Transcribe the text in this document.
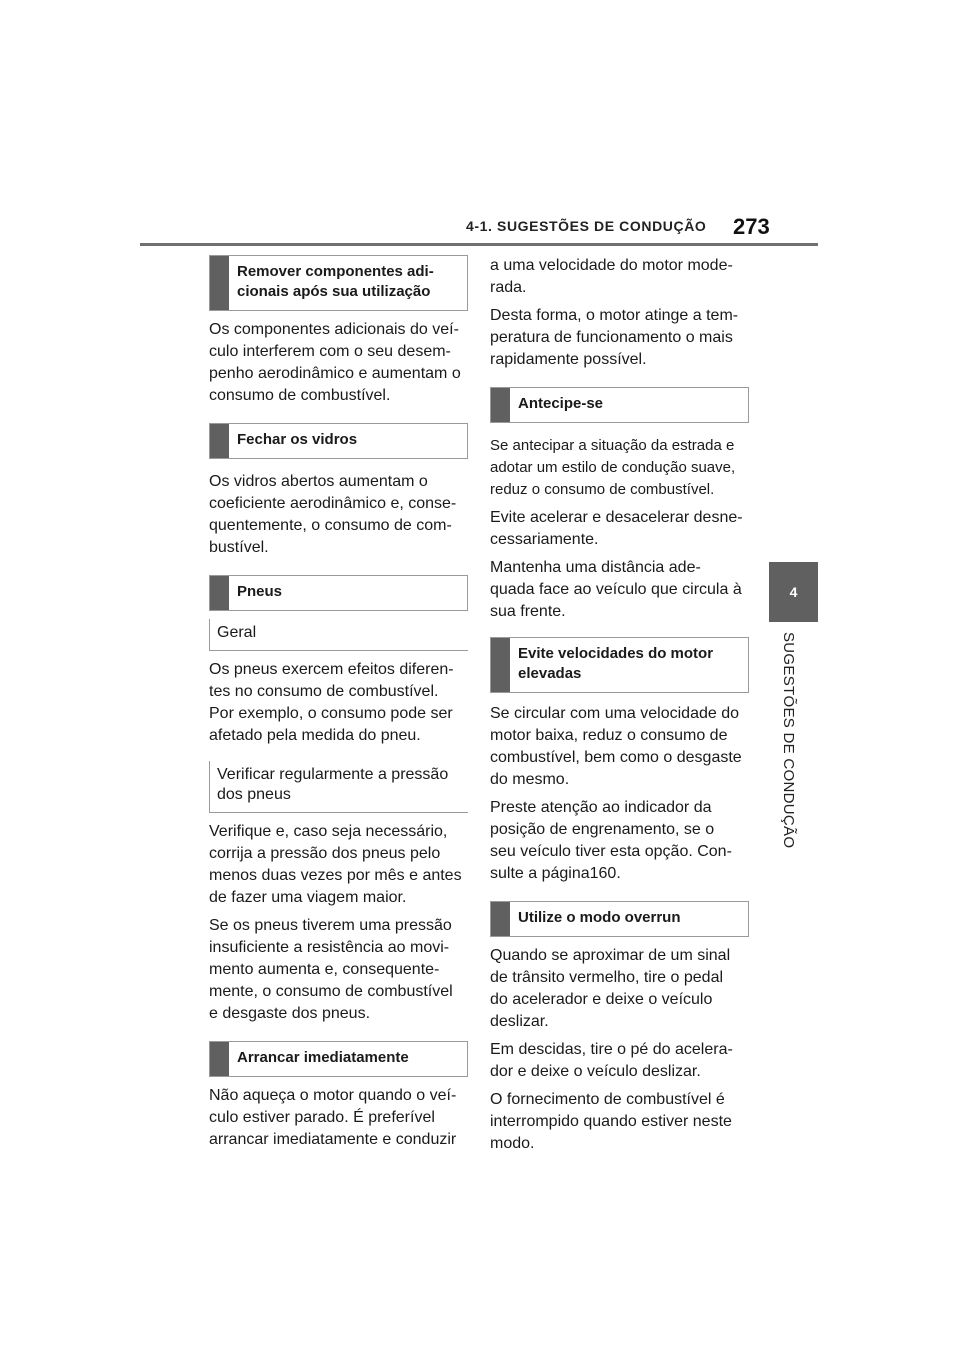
4-1. SUGESTÕES DE CONDUÇÃO 273
4
SUGESTÕES DE CONDUÇÃO
Remover componentes adi-
cionais após sua utilização

Os componentes adicionais do veí-
culo interferem com o seu desem-
penho aerodinâmico e aumentam o
consumo de combustível.

Fechar os vidros

Os vidros abertos aumentam o
coeficiente aerodinâmico e, conse-
quentemente, o consumo de com-
bustível.

Pneus
Geral

Os pneus exercem efeitos diferen-
tes no consumo de combustível.
Por exemplo, o consumo pode ser
afetado pela medida do pneu.

Verificar regularmente a pressão
dos pneus

Verifique e, caso seja necessário,
corrija a pressão dos pneus pelo
menos duas vezes por mês e antes
de fazer uma viagem maior.

Se os pneus tiverem uma pressão
insuficiente a resistência ao movi-
mento aumenta e, consequente-
mente, o consumo de combustível
e desgaste dos pneus.

Arrancar imediatamente

Não aqueça o motor quando o veí-
culo estiver parado. É preferível
arrancar imediatamente e conduzir

a uma velocidade do motor mode-
rada.

Desta forma, o motor atinge a tem-
peratura de funcionamento o mais
rapidamente possível.

Antecipe-se

Se antecipar a situação da estrada e
adotar um estilo de condução suave,
reduz o consumo de combustível.

Evite acelerar e desacelerar desne-
cessariamente.

Mantenha uma distância ade-
quada face ao veículo que circula à
sua frente.

Evite velocidades do motor
elevadas

Se circular com uma velocidade do
motor baixa, reduz o consumo de
combustível, bem como o desgaste
do mesmo.

Preste atenção ao indicador da
posição de engrenamento, se o
seu veículo tiver esta opção. Con-
sulte a página160.

Utilize o modo overrun

Quando se aproximar de um sinal
de trânsito vermelho, tire o pedal
do acelerador e deixe o veículo
deslizar.

Em descidas, tire o pé do acelera-
dor e deixe o veículo deslizar.

O fornecimento de combustível é
interrompido quando estiver neste
modo.
